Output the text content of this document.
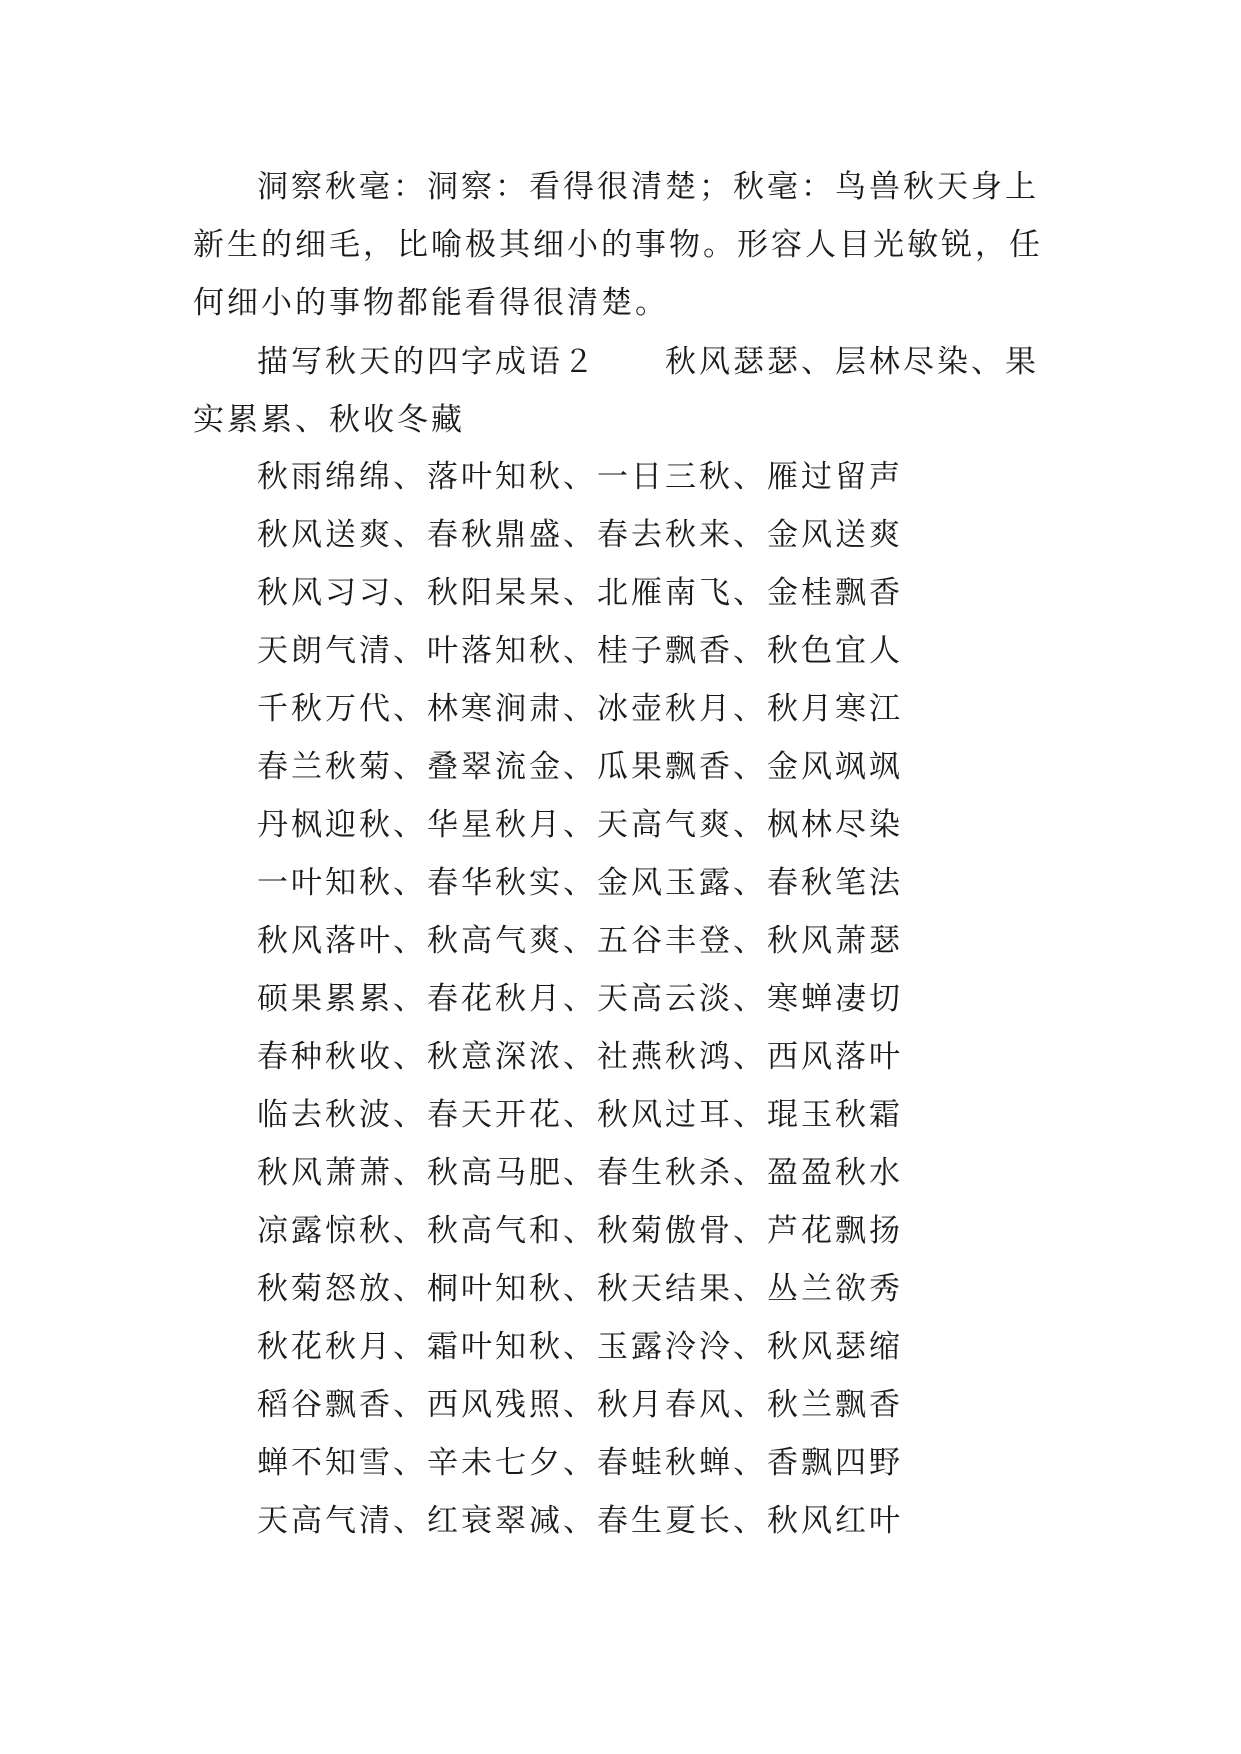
洞察秋毫：洞察：看得很清楚；秋毫：鸟兽秋天身上新生的细毛，比喻极其细小的事物。形容人目光敏锐，任何细小的事物都能看得很清楚。

描写秋天的四字成语２　　秋风瑟瑟、层林尽染、果实累累、秋收冬藏

秋雨绵绵、落叶知秋、一日三秋、雁过留声
秋风送爽、春秋鼎盛、春去秋来、金风送爽
秋风习习、秋阳杲杲、北雁南飞、金桂飘香
天朗气清、叶落知秋、桂子飘香、秋色宜人
千秋万代、林寒涧肃、冰壶秋月、秋月寒江
春兰秋菊、叠翠流金、瓜果飘香、金风飒飒
丹枫迎秋、华星秋月、天高气爽、枫林尽染
一叶知秋、春华秋实、金风玉露、春秋笔法
秋风落叶、秋高气爽、五谷丰登、秋风萧瑟
硕果累累、春花秋月、天高云淡、寒蝉凄切
春种秋收、秋意深浓、社燕秋鸿、西风落叶
临去秋波、春天开花、秋风过耳、琨玉秋霜
秋风萧萧、秋高马肥、春生秋杀、盈盈秋水
凉露惊秋、秋高气和、秋菊傲骨、芦花飘扬
秋菊怒放、桐叶知秋、秋天结果、丛兰欲秀
秋花秋月、霜叶知秋、玉露泠泠、秋风瑟缩
稻谷飘香、西风残照、秋月春风、秋兰飘香
蝉不知雪、辛未七夕、春蛙秋蝉、香飘四野
天高气清、红衰翠减、春生夏长、秋风红叶
